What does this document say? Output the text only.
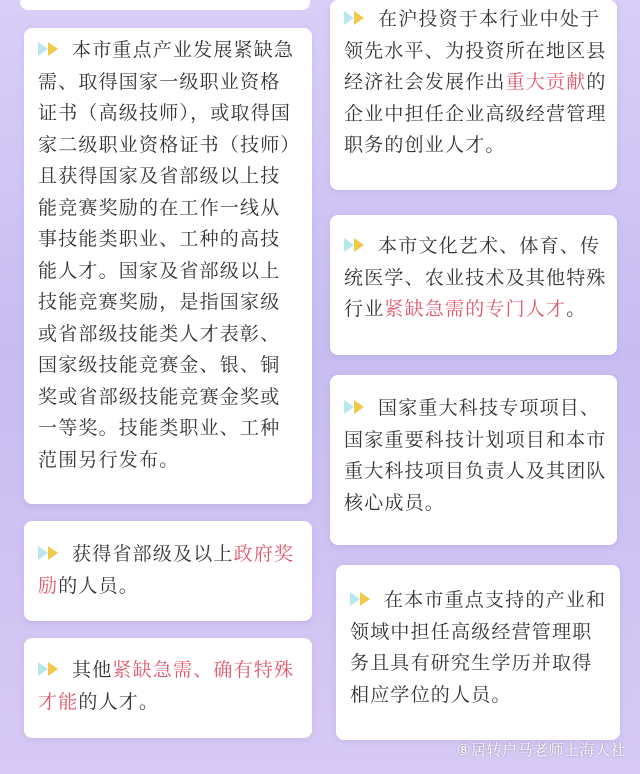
本市重点产业发展紧缺急需、取得国家一级职业资格证书（高级技师），或取得国家二级职业资格证书（技师）且获得国家及省部级以上技能竞赛奖励的在工作一线从事技能类职业、工种的高技能人才。国家及省部级以上技能竞赛奖励，是指国家级或省部级技能类人才表彰、国家级技能竞赛金、银、铜奖或省部级技能竞赛金奖或一等奖。技能类职业、工种范围另行发布。

获得省部级及以上政府奖励的人员。

其他紧缺急需、确有特殊才能的人才。

在沪投资于本行业中处于领先水平、为投资所在地区县经济社会发展作出重大贡献的企业中担任企业高级经营管理职务的创业人才。

本市文化艺术、体育、传统医学、农业技术及其他特殊行业紧缺急需的专门人才。

国家重大科技专项项目、国家重要科技计划项目和本市重大科技项目负责人及其团队核心成员。

在本市重点支持的产业和领域中担任高级经营管理职务且具有研究生学历并取得相应学位的人员。

⑧居转户马老师上海人社
